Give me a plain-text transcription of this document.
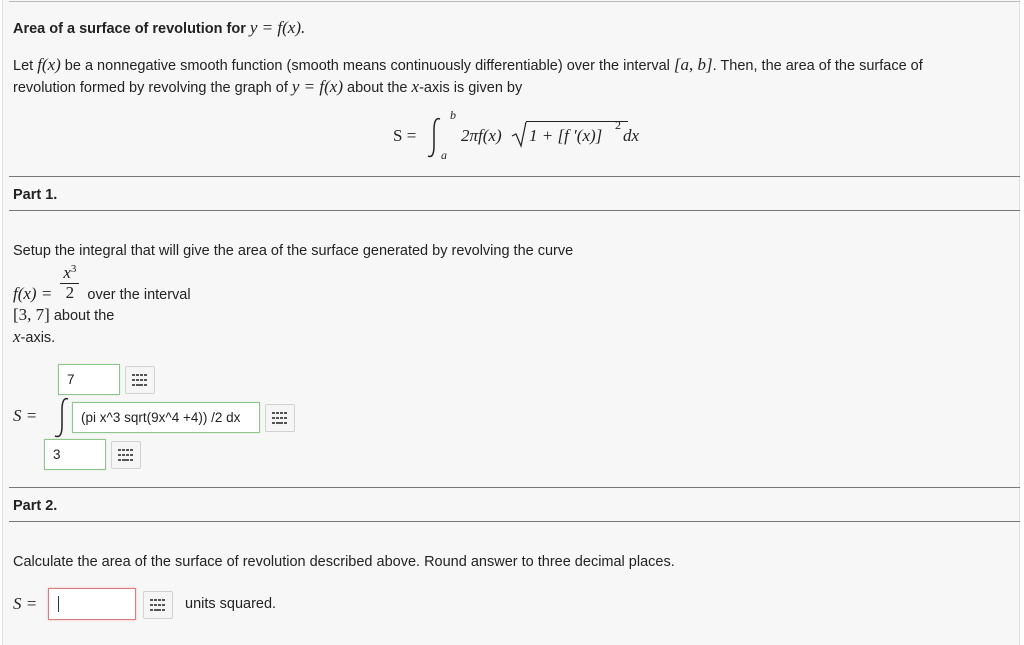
Area of a surface of revolution for y = f(x).
Let f(x) be a nonnegative smooth function (smooth means continuously differentiable) over the interval [a, b]. Then, the area of the surface of
revolution formed by revolving the graph of y = f(x) about the x-axis is given by
S =
b
a
2πf(x) 1 + [f ′(x)]
2
dx
Part 1.
Setup the integral that will give the area of the surface generated by revolving the curve
$f(x) = \frac{x^3}{2}$ over the interval
[3, 7] about the
x-axis.
S =
7
(pi x^3 sqrt(9x^4 +4)) /2 dx
3
Part 2.
Calculate the area of the surface of revolution described above. Round answer to three decimal places.
S =	units squared.
